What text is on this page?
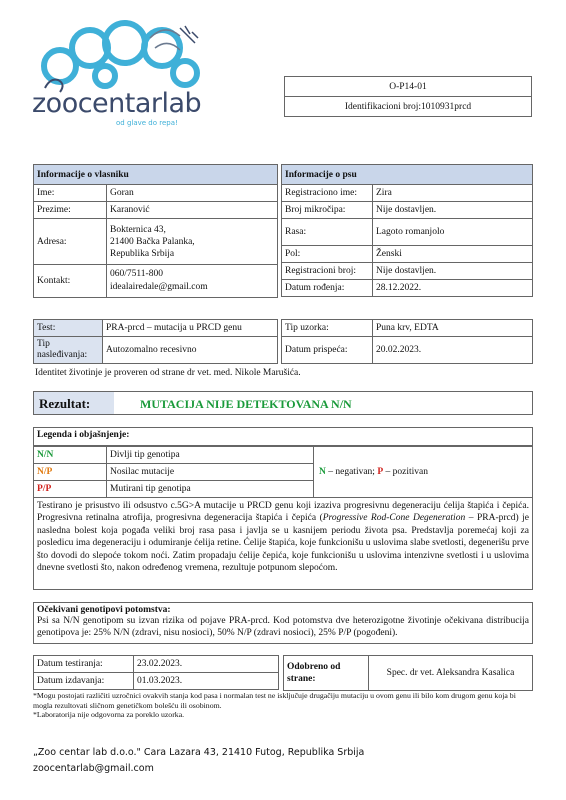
zoocentarlab
od glave do repa!
O-P14-01
Identifikacioni broj:1010931prcd
Informacije o vlasniku	
Ime:	Goran
Prezime:	Karanović
Adresa:	Bokternica 43,
21400 Bačka Palanka,
Republika Srbija

Kontakt:	060/7511-800
idealairedale@gmail.com
Informacije o psu	
Registraciono ime:	Zira
Broj mikročipa:	Nije dostavljen.
Rasa:	Lagoto romanjolo
Pol:	Ženski
Registracioni broj:	Nije dostavljen.
Datum rođenja:	28.12.2022.
Test:	PRA-prcd – mutacija u PRCD genu
Tip nasleđivanja:	Autozomalno recesivno
Tip uzorka:	Puna krv, EDTA
Datum prispeća:	20.02.2023.
Identitet životinje je proveren od strane dr vet. med. Nikole Marušića.
Rezultat:	MUTACIJA NIJE DETEKTOVANA N/N
Legenda i objašnjenje:
N/N	Divlji tip genotipa	N – negativan; P – pozitivan
N/P	Nosilac mutacije	
P/P	Mutirani tip genotipa	
Testirano je prisustvo ili odsustvo c.5G>A mutacije u PRCD genu koji izaziva progresivnu degeneraciju ćelija štapića i čepića. Progresivna retinalna atrofija, progresivna degeneracija štapića i čepića (Progressive Rod-Cone Degeneration – PRA-prcd) je nasledna bolest koja pogađa veliki broj rasa pasa i javlja se u kasnijem periodu života psa. Predstavlja poremećaj koji za posledicu ima degeneraciju i odumiranje ćelija retine. Ćelije štapića, koje funkcionišu u uslovima slabe svetlosti, degenerišu prve što dovodi do slepoće tokom noći. Zatim propadaju ćelije čepića, koje funkcionišu u uslovima intenzivne svetlosti i u uslovima dnevne svetlosti što, nakon određenog vremena, rezultuje potpunom slepoćom.
Očekivani genotipovi potomstva:
Psi sa N/N genotipom su izvan rizika od pojave PRA-prcd. Kod potomstva dve heterozigotne životinje očekivana distribucija genotipova je: 25% N/N (zdravi, nisu nosioci), 50% N/P (zdravi nosioci), 25% P/P (pogođeni).
Datum testiranja:	23.02.2023.
Datum izdavanja:	01.03.2023.
Odobreno od strane:	Spec. dr vet. Aleksandra Kasalica
*Mogu postojati različiti uzročnici ovakvih stanja kod pasa i normalan test ne isključuje drugačiju mutaciju u ovom genu ili bilo kom drugom genu koja bi mogla rezultovati sličnom genetičkom bolešću ili osobinom.
*Laboratorija nije odgovorna za poreklo uzorka.
„Zoo centar lab d.o.o." Cara Lazara 43, 21410 Futog, Republika Srbija
zoocentarlab@gmail.com
